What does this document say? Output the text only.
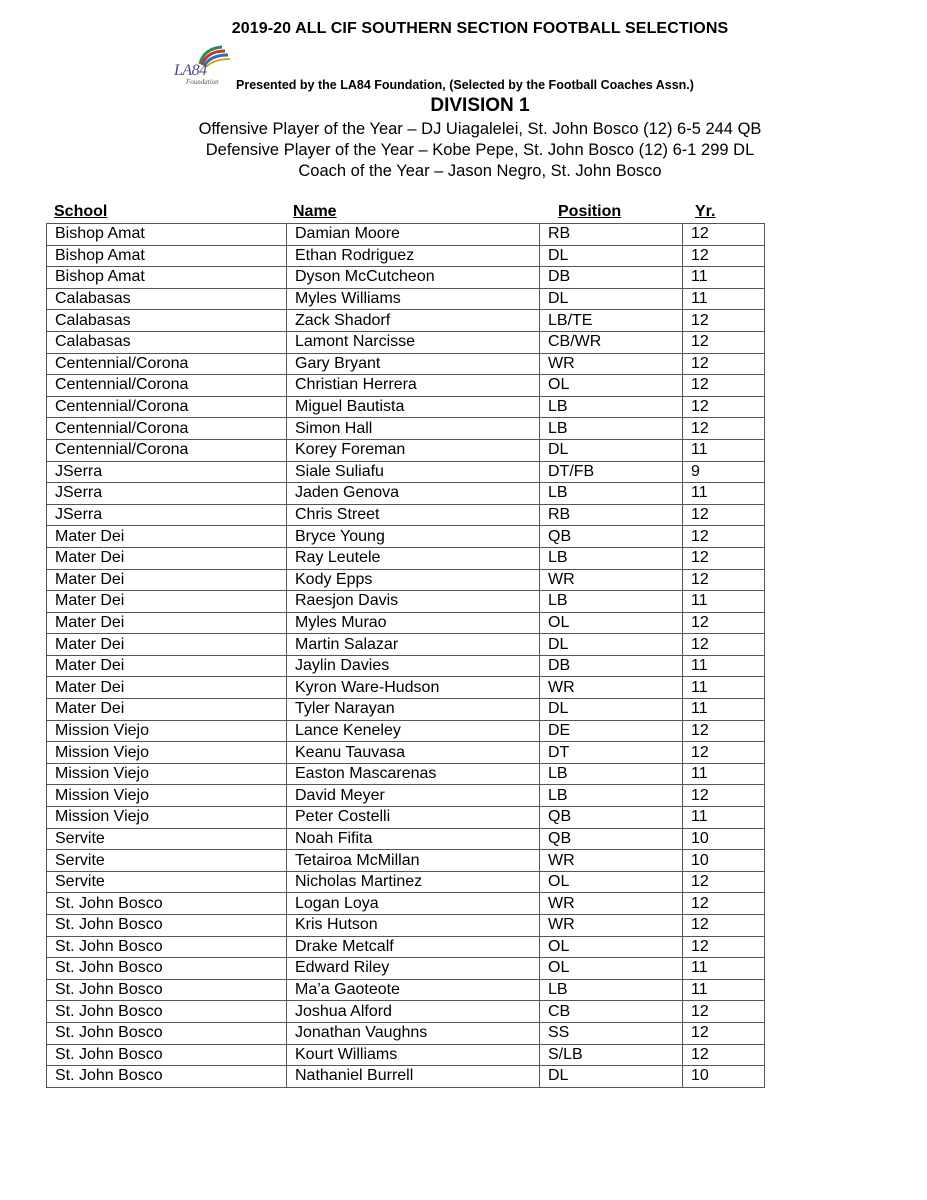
2019-20 ALL CIF SOUTHERN SECTION FOOTBALL SELECTIONS
LA84
Foundation Presented by the LA84 Foundation, (Selected by the Football Coaches Assn.)
DIVISION 1
Offensive Player of the Year – DJ Uiagalelei, St. John Bosco (12) 6-5 244 QB
Defensive Player of the Year – Kobe Pepe, St. John Bosco (12) 6-1 299 DL
Coach of the Year – Jason Negro, St. John Bosco
School	Name	Position	Yr.
Bishop Amat	Damian Moore	RB	12
Bishop Amat	Ethan Rodriguez	DL	12
Bishop Amat	Dyson McCutcheon	DB	11
Calabasas	Myles Williams	DL	11
Calabasas	Zack Shadorf	LB/TE	12
Calabasas	Lamont Narcisse	CB/WR	12
Centennial/Corona	Gary Bryant	WR	12
Centennial/Corona	Christian Herrera	OL	12
Centennial/Corona	Miguel Bautista	LB	12
Centennial/Corona	Simon Hall	LB	12
Centennial/Corona	Korey Foreman	DL	11
JSerra	Siale Suliafu	DT/FB	9
JSerra	Jaden Genova	LB	11
JSerra	Chris Street	RB	12
Mater Dei	Bryce Young	QB	12
Mater Dei	Ray Leutele	LB	12
Mater Dei	Kody Epps	WR	12
Mater Dei	Raesjon Davis	LB	11
Mater Dei	Myles Murao	OL	12
Mater Dei	Martin Salazar	DL	12
Mater Dei	Jaylin Davies	DB	11
Mater Dei	Kyron Ware-Hudson	WR	11
Mater Dei	Tyler Narayan	DL	11
Mission Viejo	Lance Keneley	DE	12
Mission Viejo	Keanu Tauvasa	DT	12
Mission Viejo	Easton Mascarenas	LB	11
Mission Viejo	David Meyer	LB	12
Mission Viejo	Peter Costelli	QB	11
Servite	Noah Fifita	QB	10
Servite	Tetairoa McMillan	WR	10
Servite	Nicholas Martinez	OL	12
St. John Bosco	Logan Loya	WR	12
St. John Bosco	Kris Hutson	WR	12
St. John Bosco	Drake Metcalf	OL	12
St. John Bosco	Edward Riley	OL	11
St. John Bosco	Ma’a Gaoteote	LB	11
St. John Bosco	Joshua Alford	CB	12
St. John Bosco	Jonathan Vaughns	SS	12
St. John Bosco	Kourt Williams	S/LB	12
St. John Bosco	Nathaniel Burrell	DL	10
